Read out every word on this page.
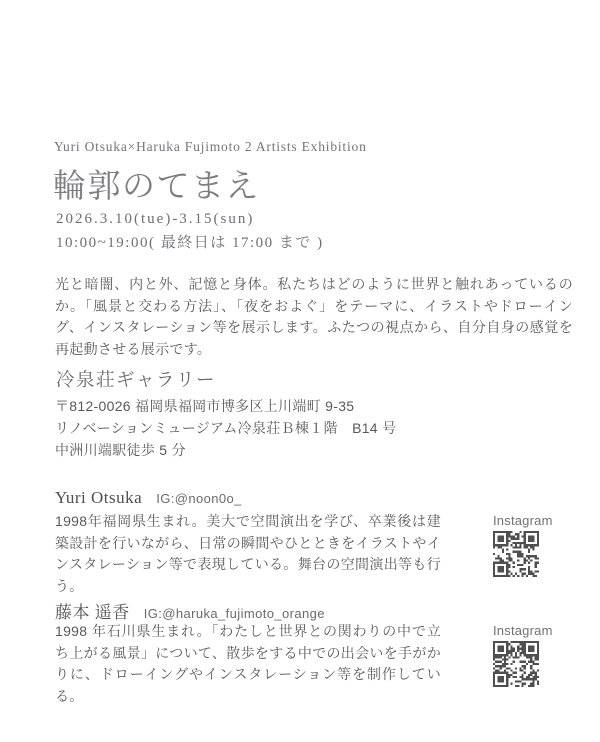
Yuri Otsuka×Haruka Fujimoto 2 Artists Exhibition
輪郭のてまえ
2026.3.10(tue)-3.15(sun)
10:00~19:00( 最終日は 17:00 まで )
光と暗闇、内と外、記憶と身体。私たちはどのように世界と触れあっているのか。「風景と交わる方法」、「夜をおよぐ」をテーマに、イラストやドローイング、インスタレーション等を展示します。ふたつの視点から、自分自身の感覚を再起動させる展示です。
冷泉荘ギャラリー
〒812-0026 福岡県福岡市博多区上川端町 9-35
リノベーションミュージアム冷泉荘Ｂ棟１階　B14 号
中洲川端駅徒歩 5 分
Yuri Otsuka IG:@noon0o_
1998年福岡県生まれ。美大で空間演出を学び、卒業後は建築設計を行いながら、日常の瞬間やひとときをイラストやインスタレーション等で表現している。舞台の空間演出等も行う。
藤本 遥香 IG:@haruka_fujimoto_orange
1998 年石川県生まれ。「わたしと世界との関わりの中で立ち上がる風景」について、散歩をする中での出会いを手がかりに、ドローイングやインスタレーション等を制作している。
Instagram
Instagram
